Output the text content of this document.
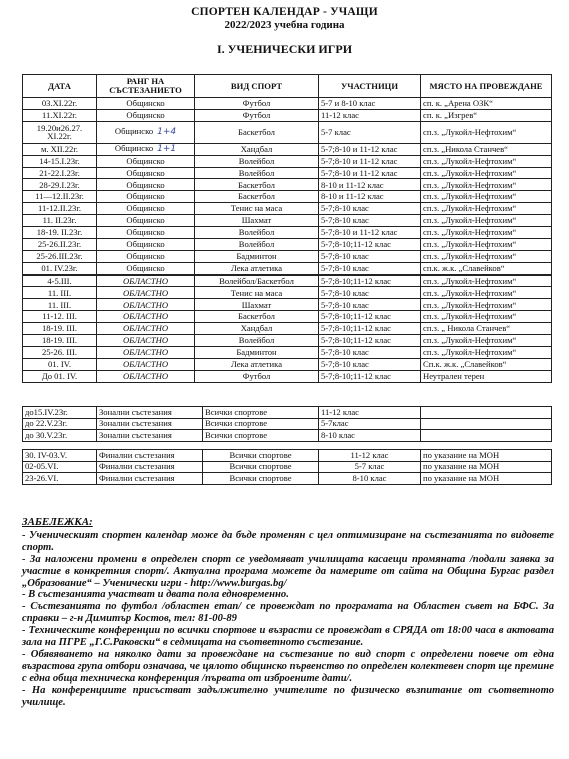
СПОРТЕН КАЛЕНДАР - УЧАЩИ
2022/2023 учебна година
I. УЧЕНИЧЕСКИ ИГРИ
ДАТА	РАНГ НА СЪСТЕЗАНИЕТО	ВИД СПОРТ	УЧАСТНИЦИ	МЯСТО НА ПРОВЕЖДАНЕ
03.XI.22г.	Общинско	Футбол	5-7 и 8-10 клас	сп. к. „Арена ОЗК“
11.XI.22г.	Общинско	Футбол	11-12 клас	сп. к. „Изгрев“
19.20и26.27. XI.22г.	Общинско 1+4	Баскетбол	5-7 клас	сп.з. „Лукойл-Нефтохим“
м. XII.22г.	Общинско 1+1	Хандбал	5-7;8-10 и 11-12 клас	сп.з. „Никола Станчев“
14-15.I.23г.	Общинско	Волейбол	5-7;8-10 и 11-12 клас	сп.з. „Лукойл-Нефтохим“
21-22.I.23г.	Общинско	Волейбол	5-7;8-10 и 11-12 клас	сп.з. „Лукойл-Нефтохим“
28-29.I.23г.	Общинско	Баскетбол	8-10 и 11-12 клас	сп.з. „Лукойл-Нефтохим“
11—12.II.23г.	Общинско	Баскетбол	8-10 и 11-12 клас	сп.з. „Лукойл-Нефтохим“
11-12.II.23г.	Общинско	Тенис на маса	5-7;8-10 клас	сп.з. „Лукойл-Нефтохим“
11. II.23г.	Общинско	Шахмат	5-7;8-10 клас	сп.з. „Лукойл-Нефтохим“
18-19. II.23г.	Общинско	Волейбол	5-7;8-10 и 11-12 клас	сп.з. „Лукойл-Нефтохим“
25-26.II.23г.	Общинско	Волейбол	5-7;8-10;11-12 клас	сп.з. „Лукойл-Нефтохим“
25-26.III.23г.	Общинско	Бадминтон	5-7;8-10 клас	сп.з. „Лукойл-Нефтохим“
01. IV.23г.	Общинско	Лека атлетика	5-7;8-10 клас	сп.к. ж.к. „Славейков“
4-5.III.	ОБЛАСТНО	Волейбол/Баскетбол	5-7;8-10;11-12 клас	сп.з. „Лукойл-Нефтохим“
11. III.	ОБЛАСТНО	Тенис на маса	5-7;8-10 клас	сп.з. „Лукойл-Нефтохим“
11. III.	ОБЛАСТНО	Шахмат	5-7;8-10 клас	сп.з. „Лукойл-Нефтохим“
11-12. III.	ОБЛАСТНО	Баскетбол	5-7;8-10;11-12 клас	сп.з. „Лукойл-Нефтохим“
18-19. III.	ОБЛАСТНО	Хандбал	5-7;8-10;11-12 клас	сп.з. „ Никола Станчев“
18-19. III.	ОБЛАСТНО	Волейбол	5-7;8-10;11-12 клас	сп.з. „Лукойл-Нефтохим“
25-26. III.	ОБЛАСТНО	Бадминтон	5-7;8-10 клас	сп.з. „Лукойл-Нефтохим“
01. IV.	ОБЛАСТНО	Лека атлетика	5-7;8-10 клас	Сп.к. ж.к. „Славейков“
До 01. IV.	ОБЛАСТНО	Футбол	5-7;8-10;11-12 клас	Неутрален терен
до15.IV.23г.	Зонални състезания	Всички спортове	11-12 клас	
до 22.V.23г.	Зонални състезания	Всички спортове	5-7клас	
до 30.V.23г.	Зонални състезания	Всички спортове	8-10 клас	
30. IV-03.V.	Финални състезания	Всички спортове	11-12 клас	по указание на МОН
02-05.VI.	Финални състезания	Всички спортове	5-7 клас	по указание на МОН
23-26.VI.	Финални състезания	Всички спортове	8-10 клас	по указание на МОН
ЗАБЕЛЕЖКА:

- Ученическият спортен календар може да бъде променян с цел оптимизиране на състезанията по видовете спорт.

- За наложени промени в определен спорт се уведомяват училищата касаещи промяната /подали заявка за участие в конкретния спорт/. Актуална програма можете да намерите от сайта на Община Бургас раздел „Образование“ – Ученически игри - http://www.burgas.bg/

- В състезанията участват и двата пола едновременно.

- Състезанията по футбол /областен етап/ се провеждат по програмата на Областен съвет на БФС. За справки – г-н Димитър Костов, тел: 81-00-89

- Техническите конференции по всички спортове и възрасти се провеждат в СРЯДА от 18:00 часа в актовата зала на ПГРЕ „Г.С.Раковски“ в седмицата на съответното състезание.

- Обявяването на няколко дати за провеждане на състезание по вид спорт с определени повече от една възрастова група отбори означава, че цялото общинско първенство по определен колектевен спорт ще премине с една обща техническа конференция /първата от изброените дати/.

- На конференциите присъстват задължително учителите по физическо възпитание от съответното училище.
